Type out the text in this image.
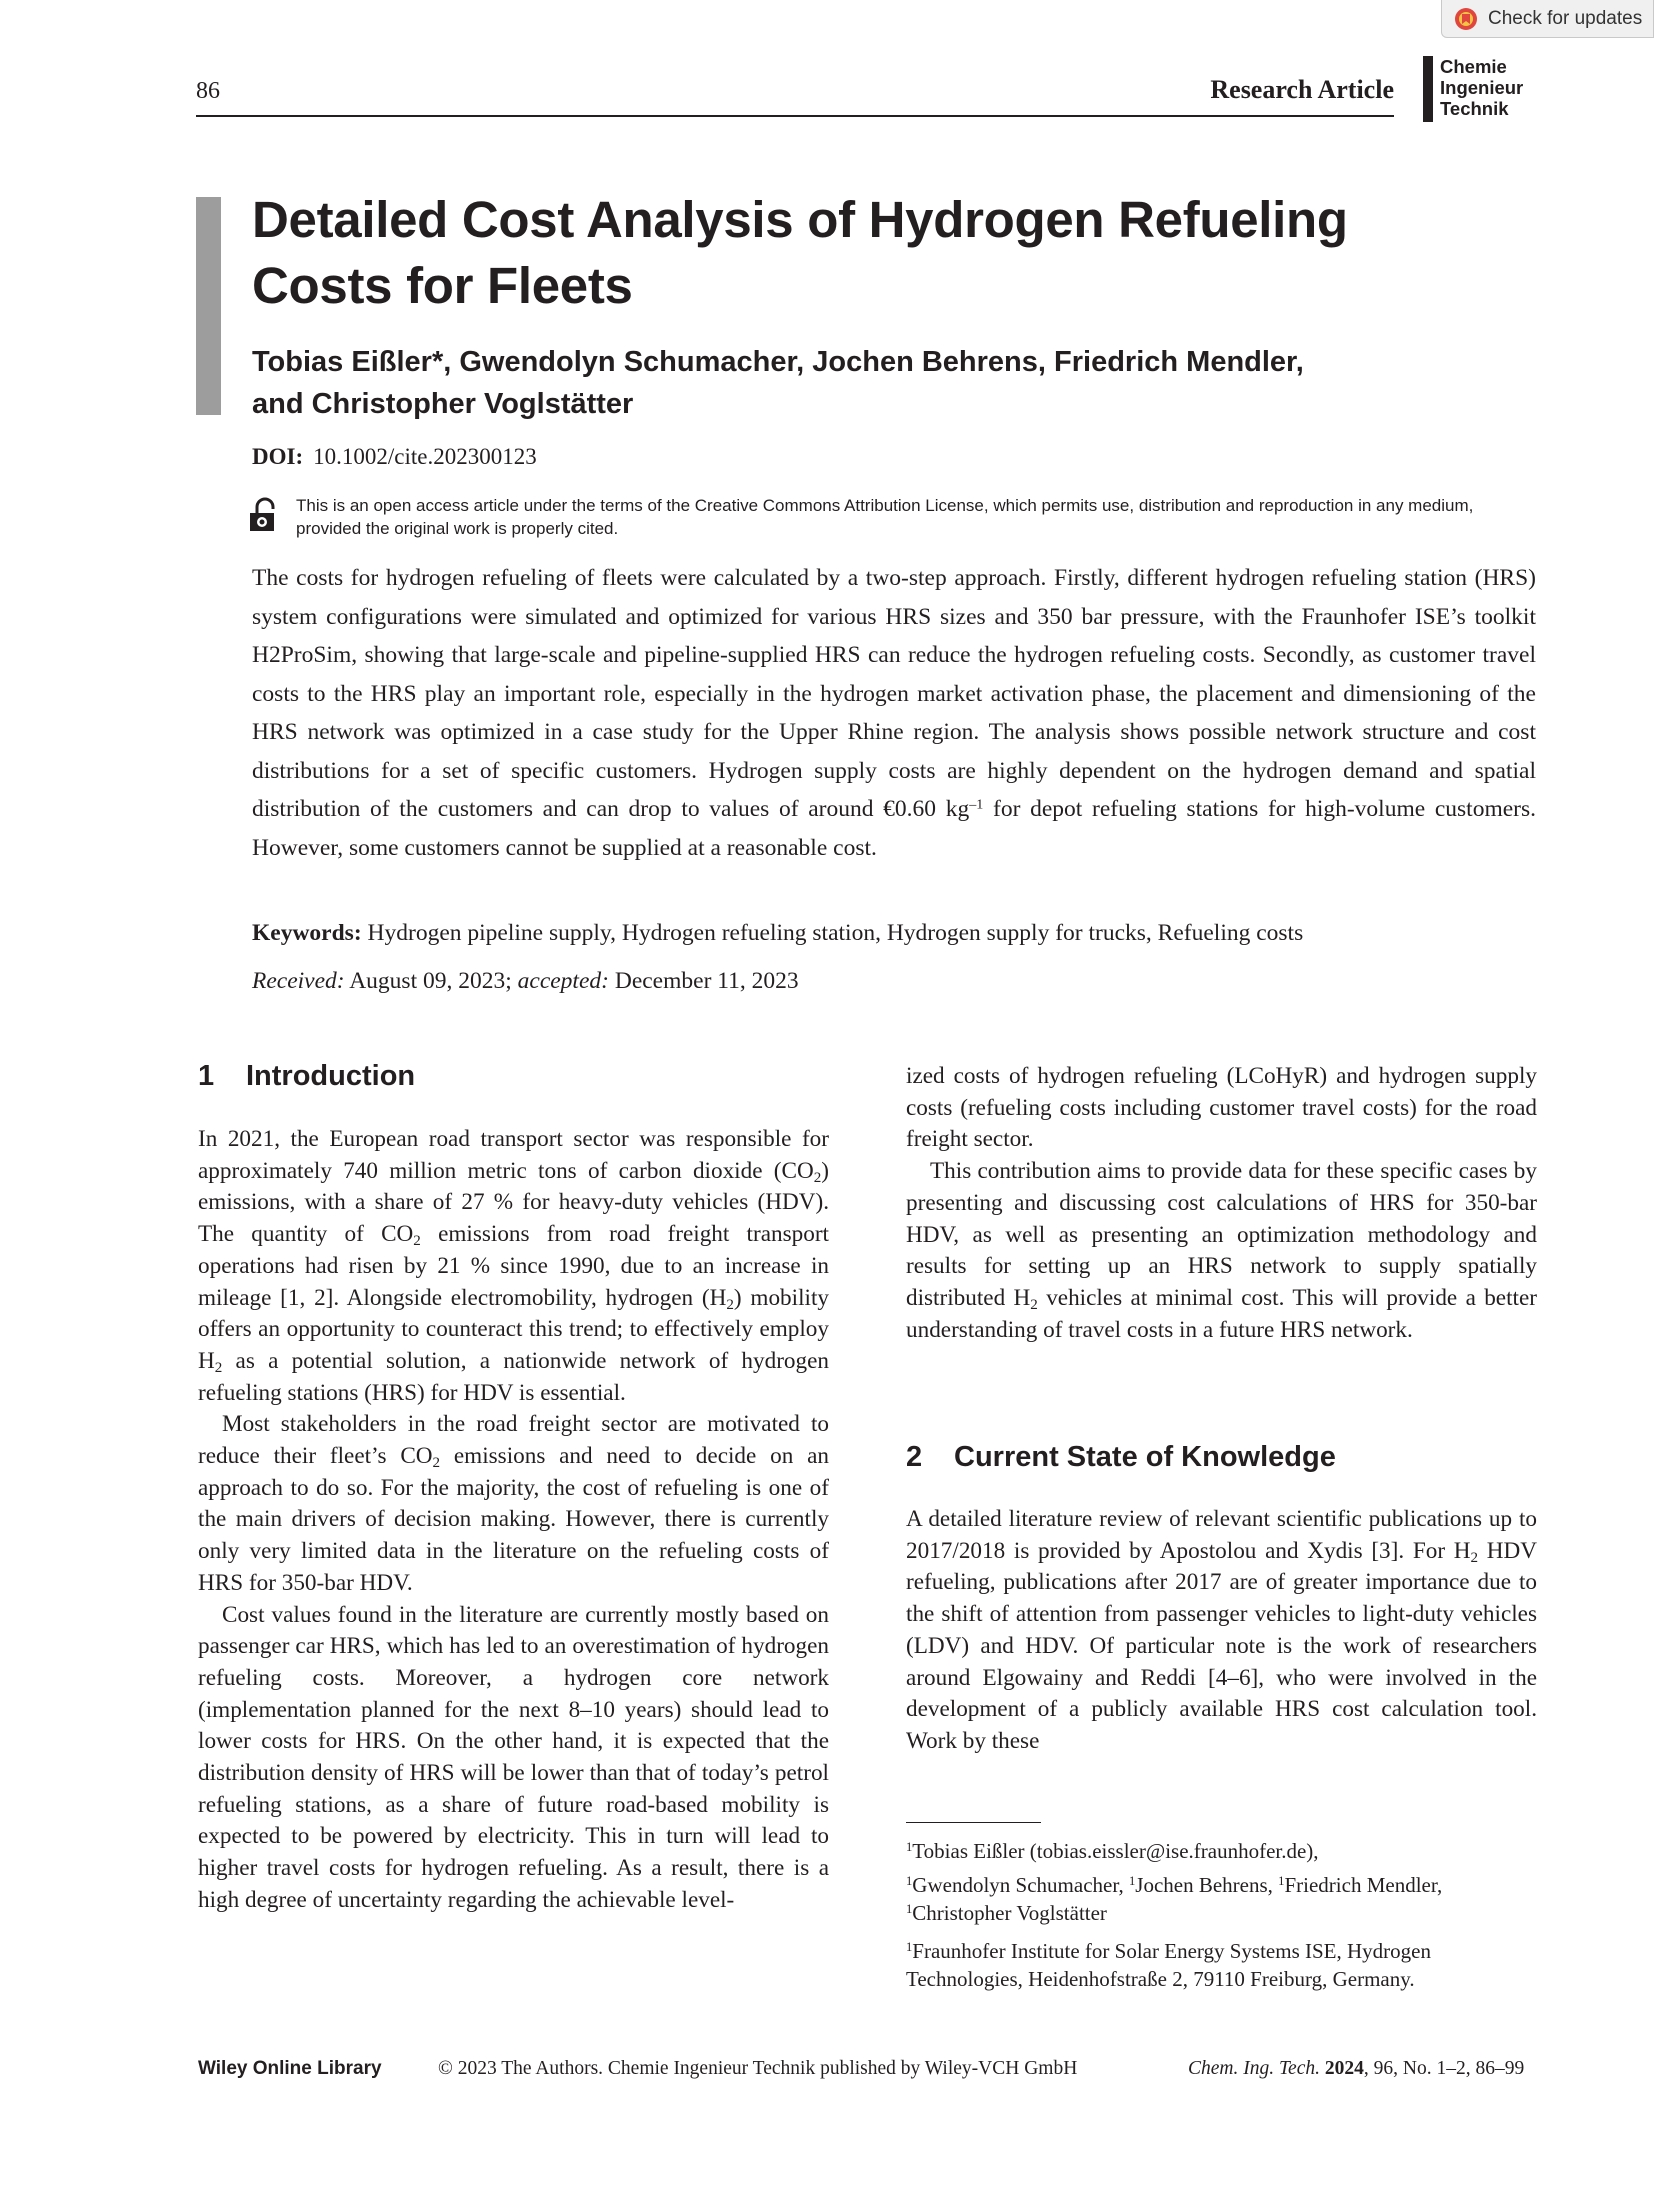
Check for updates
86	Research Article
Chemie
Ingenieur
Technik
Detailed Cost Analysis of Hydrogen Refueling Costs for Fleets
Tobias Eißler*, Gwendolyn Schumacher, Jochen Behrens, Friedrich Mendler,
and Christopher Voglstätter
DOI: 10.1002/cite.202300123
This is an open access article under the terms of the Creative Commons Attribution License, which permits use, distribution and reproduction in any medium, provided the original work is properly cited.
The costs for hydrogen refueling of fleets were calculated by a two-step approach. Firstly, different hydrogen refueling station (HRS) system configurations were simulated and optimized for various HRS sizes and 350 bar pressure, with the Fraunhofer ISE’s toolkit H2ProSim, showing that large-scale and pipeline-supplied HRS can reduce the hydrogen refueling costs. Secondly, as customer travel costs to the HRS play an important role, especially in the hydrogen market activation phase, the placement and dimensioning of the HRS network was optimized in a case study for the Upper Rhine region. The analysis shows possible network structure and cost distributions for a set of specific customers. Hydrogen supply costs are highly dependent on the hydrogen demand and spatial distribution of the customers and can drop to values of around €0.60 $kg^{-1}$ for depot refueling stations for high-volume customers. However, some customers cannot be supplied at a reasonable cost.
Keywords: Hydrogen pipeline supply, Hydrogen refueling station, Hydrogen supply for trucks, Refueling costs
Received: August 09, 2023; accepted: December 11, 2023
1 Introduction

In 2021, the European road transport sector was responsible for approximately 740 million metric tons of carbon dioxide $(CO_2)$ emissions, with a share of 27 % for heavy-duty vehicles (HDV). The quantity of $CO_2$ emissions from road freight transport operations had risen by 21 % since 1990, due to an increase in mileage [1, 2]. Alongside electromobility, hydrogen $(H_2)$ mobility offers an opportunity to counteract this trend; to effectively employ $H_2$ as a potential solution, a nationwide network of hydrogen refueling stations (HRS) for HDV is essential.

Most stakeholders in the road freight sector are motivated to reduce their fleet’s $CO_2$ emissions and need to decide on an approach to do so. For the majority, the cost of refueling is one of the main drivers of decision making. However, there is currently only very limited data in the literature on the refueling costs of HRS for 350-bar HDV.

Cost values found in the literature are currently mostly based on passenger car HRS, which has led to an overestimation of hydrogen refueling costs. Moreover, a hydrogen core network (implementation planned for the next 8–10 years) should lead to lower costs for HRS. On the other hand, it is expected that the distribution density of HRS will be lower than that of today’s petrol refueling stations, as a share of future road-based mobility is expected to be powered by electricity. This in turn will lead to higher travel costs for hydrogen refueling. As a result, there is a high degree of uncertainty regarding the achievable level-

ized costs of hydrogen refueling (LCoHyR) and hydrogen supply costs (refueling costs including customer travel costs) for the road freight sector.

This contribution aims to provide data for these specific cases by presenting and discussing cost calculations of HRS for 350-bar HDV, as well as presenting an optimization methodology and results for setting up an HRS network to supply spatially distributed $H_2$ vehicles at minimal cost. This will provide a better understanding of travel costs in a future HRS network.

2 Current State of Knowledge

A detailed literature review of relevant scientific publications up to 2017/2018 is provided by Apostolou and Xydis [3]. For $H_2$ HDV refueling, publications after 2017 are of greater importance due to the shift of attention from passenger vehicles to light-duty vehicles (LDV) and HDV. Of particular note is the work of researchers around Elgowainy and Reddi [4–6], who were involved in the development of a publicly available HRS cost calculation tool. Work by these

$^1$Tobias Eißler (tobias.eissler@ise.fraunhofer.de),

$^1$Gwendolyn Schumacher, $^1$Jochen Behrens, $^1$Friedrich Mendler,
$^1$Christopher Voglstätter

$^1$Fraunhofer Institute for Solar Energy Systems ISE, Hydrogen Technologies, Heidenhofstraße 2, 79110 Freiburg, Germany.

Wiley Online Library	© 2023 The Authors. Chemie Ingenieur Technik published by Wiley-VCH GmbH	Chem. Ing. Tech. 2024, 96, No. 1–2, 86–99
